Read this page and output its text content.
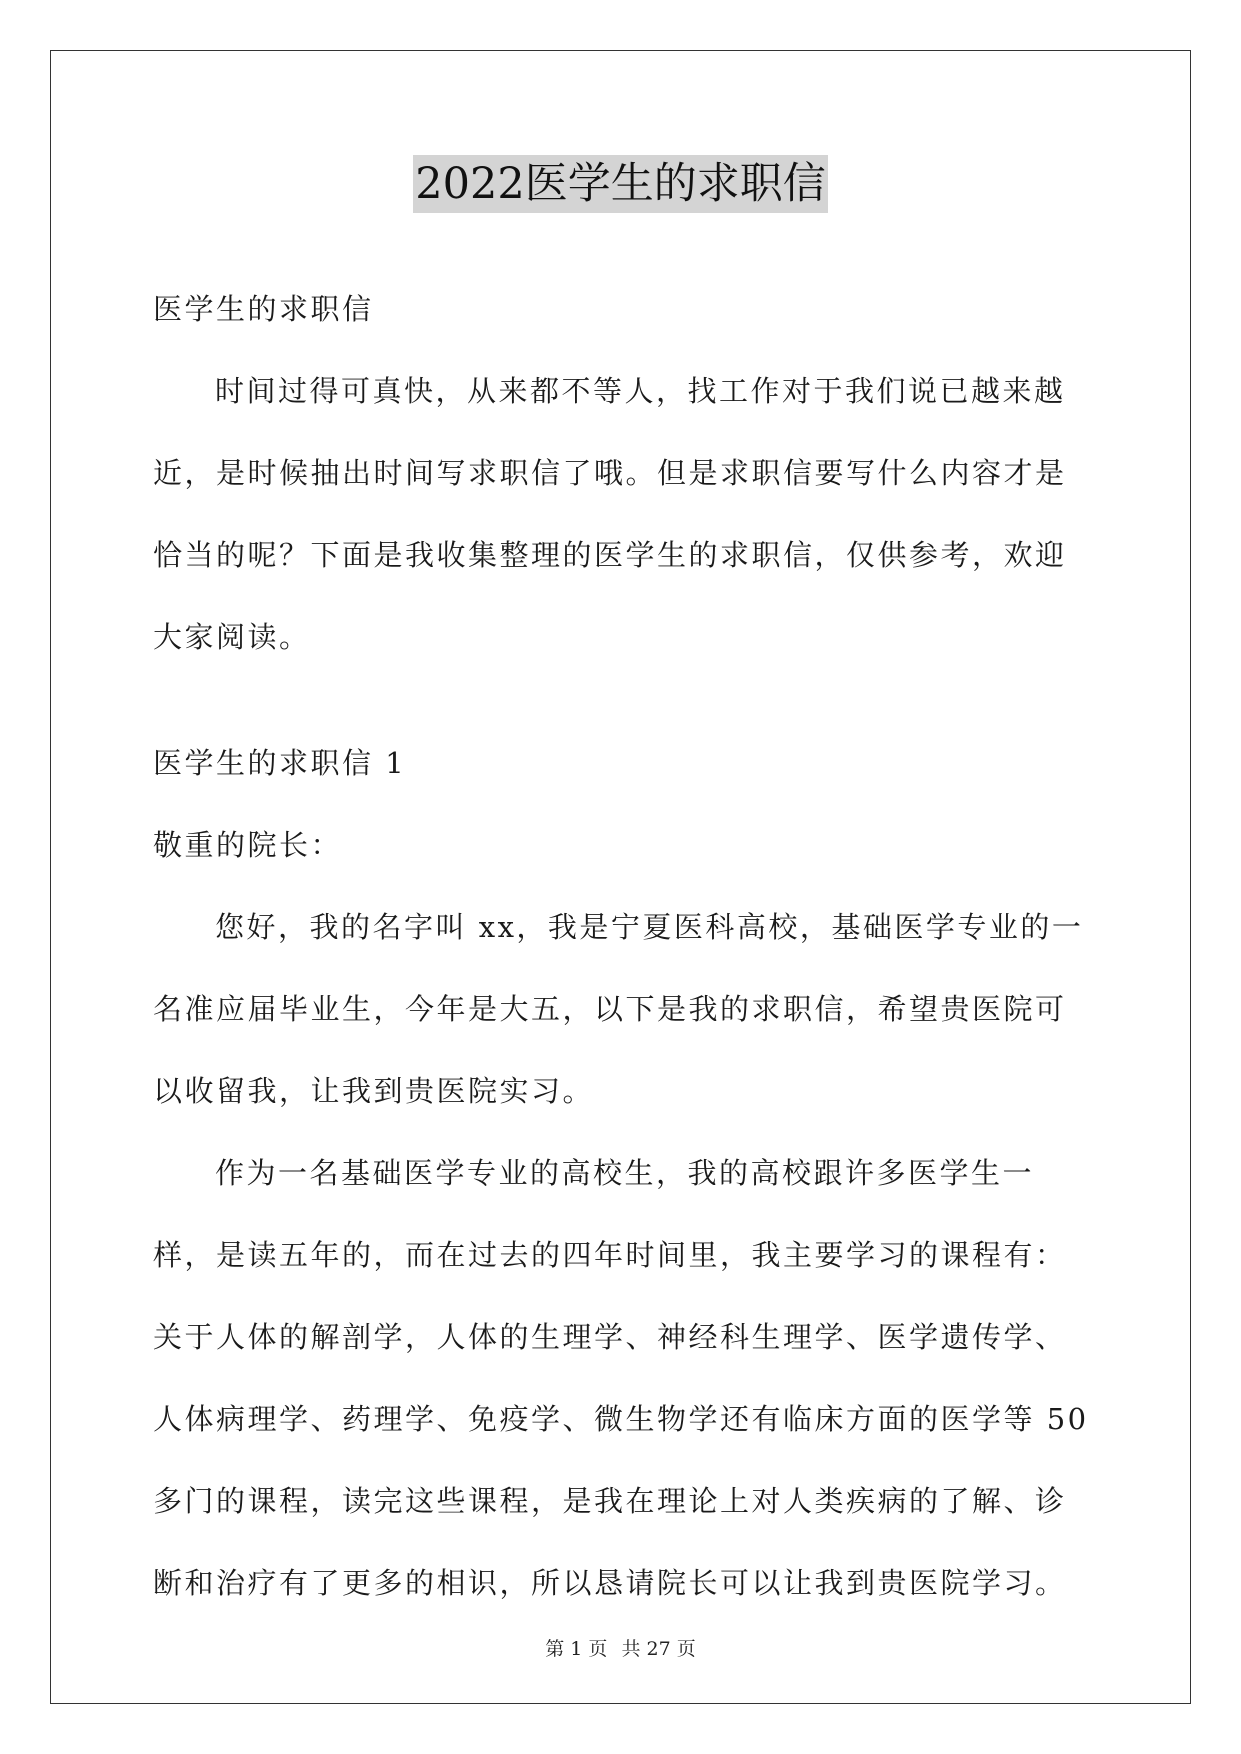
2022医学生的求职信

医学生的求职信

时间过得可真快，从来都不等人，找工作对于我们说已越来越近，是时候抽出时间写求职信了哦。但是求职信要写什么内容才是恰当的呢？下面是我收集整理的医学生的求职信，仅供参考，欢迎大家阅读。

医学生的求职信 1

敬重的院长：

您好，我的名字叫 xx，我是宁夏医科高校，基础医学专业的一名准应届毕业生，今年是大五，以下是我的求职信，希望贵医院可以收留我，让我到贵医院实习。

作为一名基础医学专业的高校生，我的高校跟许多医学生一样，是读五年的，而在过去的四年时间里，我主要学习的课程有：关于人体的解剖学，人体的生理学、神经科生理学、医学遗传学、人体病理学、药理学、免疫学、微生物学还有临床方面的医学等 50 多门的课程，读完这些课程，是我在理论上对人类疾病的了解、诊断和治疗有了更多的相识，所以恳请院长可以让我到贵医院学习。

第 1 页 共 27 页
